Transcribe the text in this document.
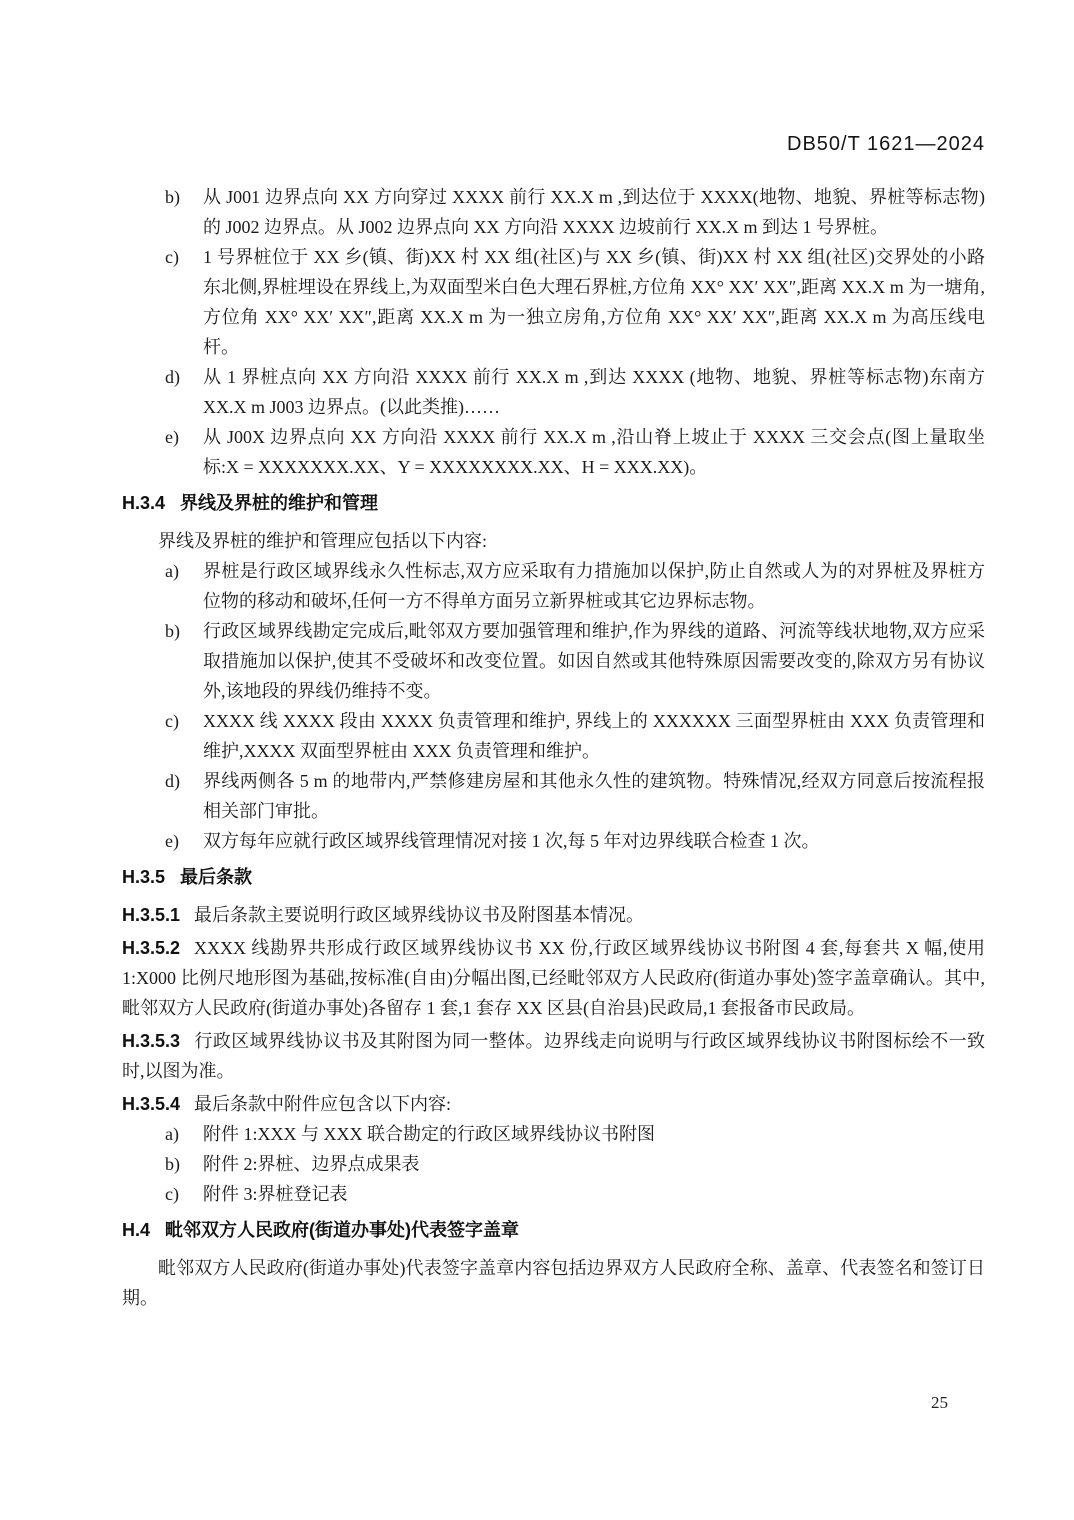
DB50/T 1621—2024
b) 从 J001 边界点向 XX 方向穿过 XXXX 前行 XX.X m ,到达位于 XXXX(地物、地貌、界桩等标志物)的 J002 边界点。从 J002 边界点向 XX 方向沿 XXXX 边坡前行 XX.X m 到达 1 号界桩。
c) 1 号界桩位于 XX 乡(镇、街)XX 村 XX 组(社区)与 XX 乡(镇、街)XX 村 XX 组(社区)交界处的小路东北侧,界桩埋设在界线上,为双面型米白色大理石界桩,方位角 XX° XX′ XX″,距离 XX.X m 为一塘角,方位角 XX° XX′ XX″,距离 XX.X m 为一独立房角,方位角 XX° XX′ XX″,距离 XX.X m 为高压线电杆。
d) 从 1 界桩点向 XX 方向沿 XXXX 前行 XX.X m ,到达 XXXX (地物、地貌、界桩等标志物)东南方 XX.X m J003 边界点。(以此类推)……
e) 从 J00X 边界点向 XX 方向沿 XXXX 前行 XX.X m ,沿山脊上坡止于 XXXX 三交会点(图上量取坐标:X = XXXXXXX.XX、Y = XXXXXXXX.XX、H = XXX.XX)。
H.3.4 界线及界桩的维护和管理

界线及界桩的维护和管理应包括以下内容:

a) 界桩是行政区域界线永久性标志,双方应采取有力措施加以保护,防止自然或人为的对界桩及界桩方位物的移动和破坏,任何一方不得单方面另立新界桩或其它边界标志物。
b) 行政区域界线勘定完成后,毗邻双方要加强管理和维护,作为界线的道路、河流等线状地物,双方应采取措施加以保护,使其不受破坏和改变位置。如因自然或其他特殊原因需要改变的,除双方另有协议外,该地段的界线仍维持不变。
c) XXXX 线 XXXX 段由 XXXX 负责管理和维护, 界线上的 XXXXXX 三面型界桩由 XXX 负责管理和维护,XXXX 双面型界桩由 XXX 负责管理和维护。
d) 界线两侧各 5 m 的地带内,严禁修建房屋和其他永久性的建筑物。特殊情况,经双方同意后按流程报相关部门审批。
e) 双方每年应就行政区域界线管理情况对接 1 次,每 5 年对边界线联合检查 1 次。
H.3.5 最后条款

H.3.5.1 最后条款主要说明行政区域界线协议书及附图基本情况。

H.3.5.2 XXXX 线勘界共形成行政区域界线协议书 XX 份,行政区域界线协议书附图 4 套,每套共 X 幅,使用 1:X000 比例尺地形图为基础,按标准(自由)分幅出图,已经毗邻双方人民政府(街道办事处)签字盖章确认。其中,毗邻双方人民政府(街道办事处)各留存 1 套,1 套存 XX 区县(自治县)民政局,1 套报备市民政局。

H.3.5.3 行政区域界线协议书及其附图为同一整体。边界线走向说明与行政区域界线协议书附图标绘不一致时,以图为准。

H.3.5.4 最后条款中附件应包含以下内容:

a) 附件 1:XXX 与 XXX 联合勘定的行政区域界线协议书附图
b) 附件 2:界桩、边界点成果表
c) 附件 3:界桩登记表
H.4 毗邻双方人民政府(街道办事处)代表签字盖章

毗邻双方人民政府(街道办事处)代表签字盖章内容包括边界双方人民政府全称、盖章、代表签名和签订日期。

25
